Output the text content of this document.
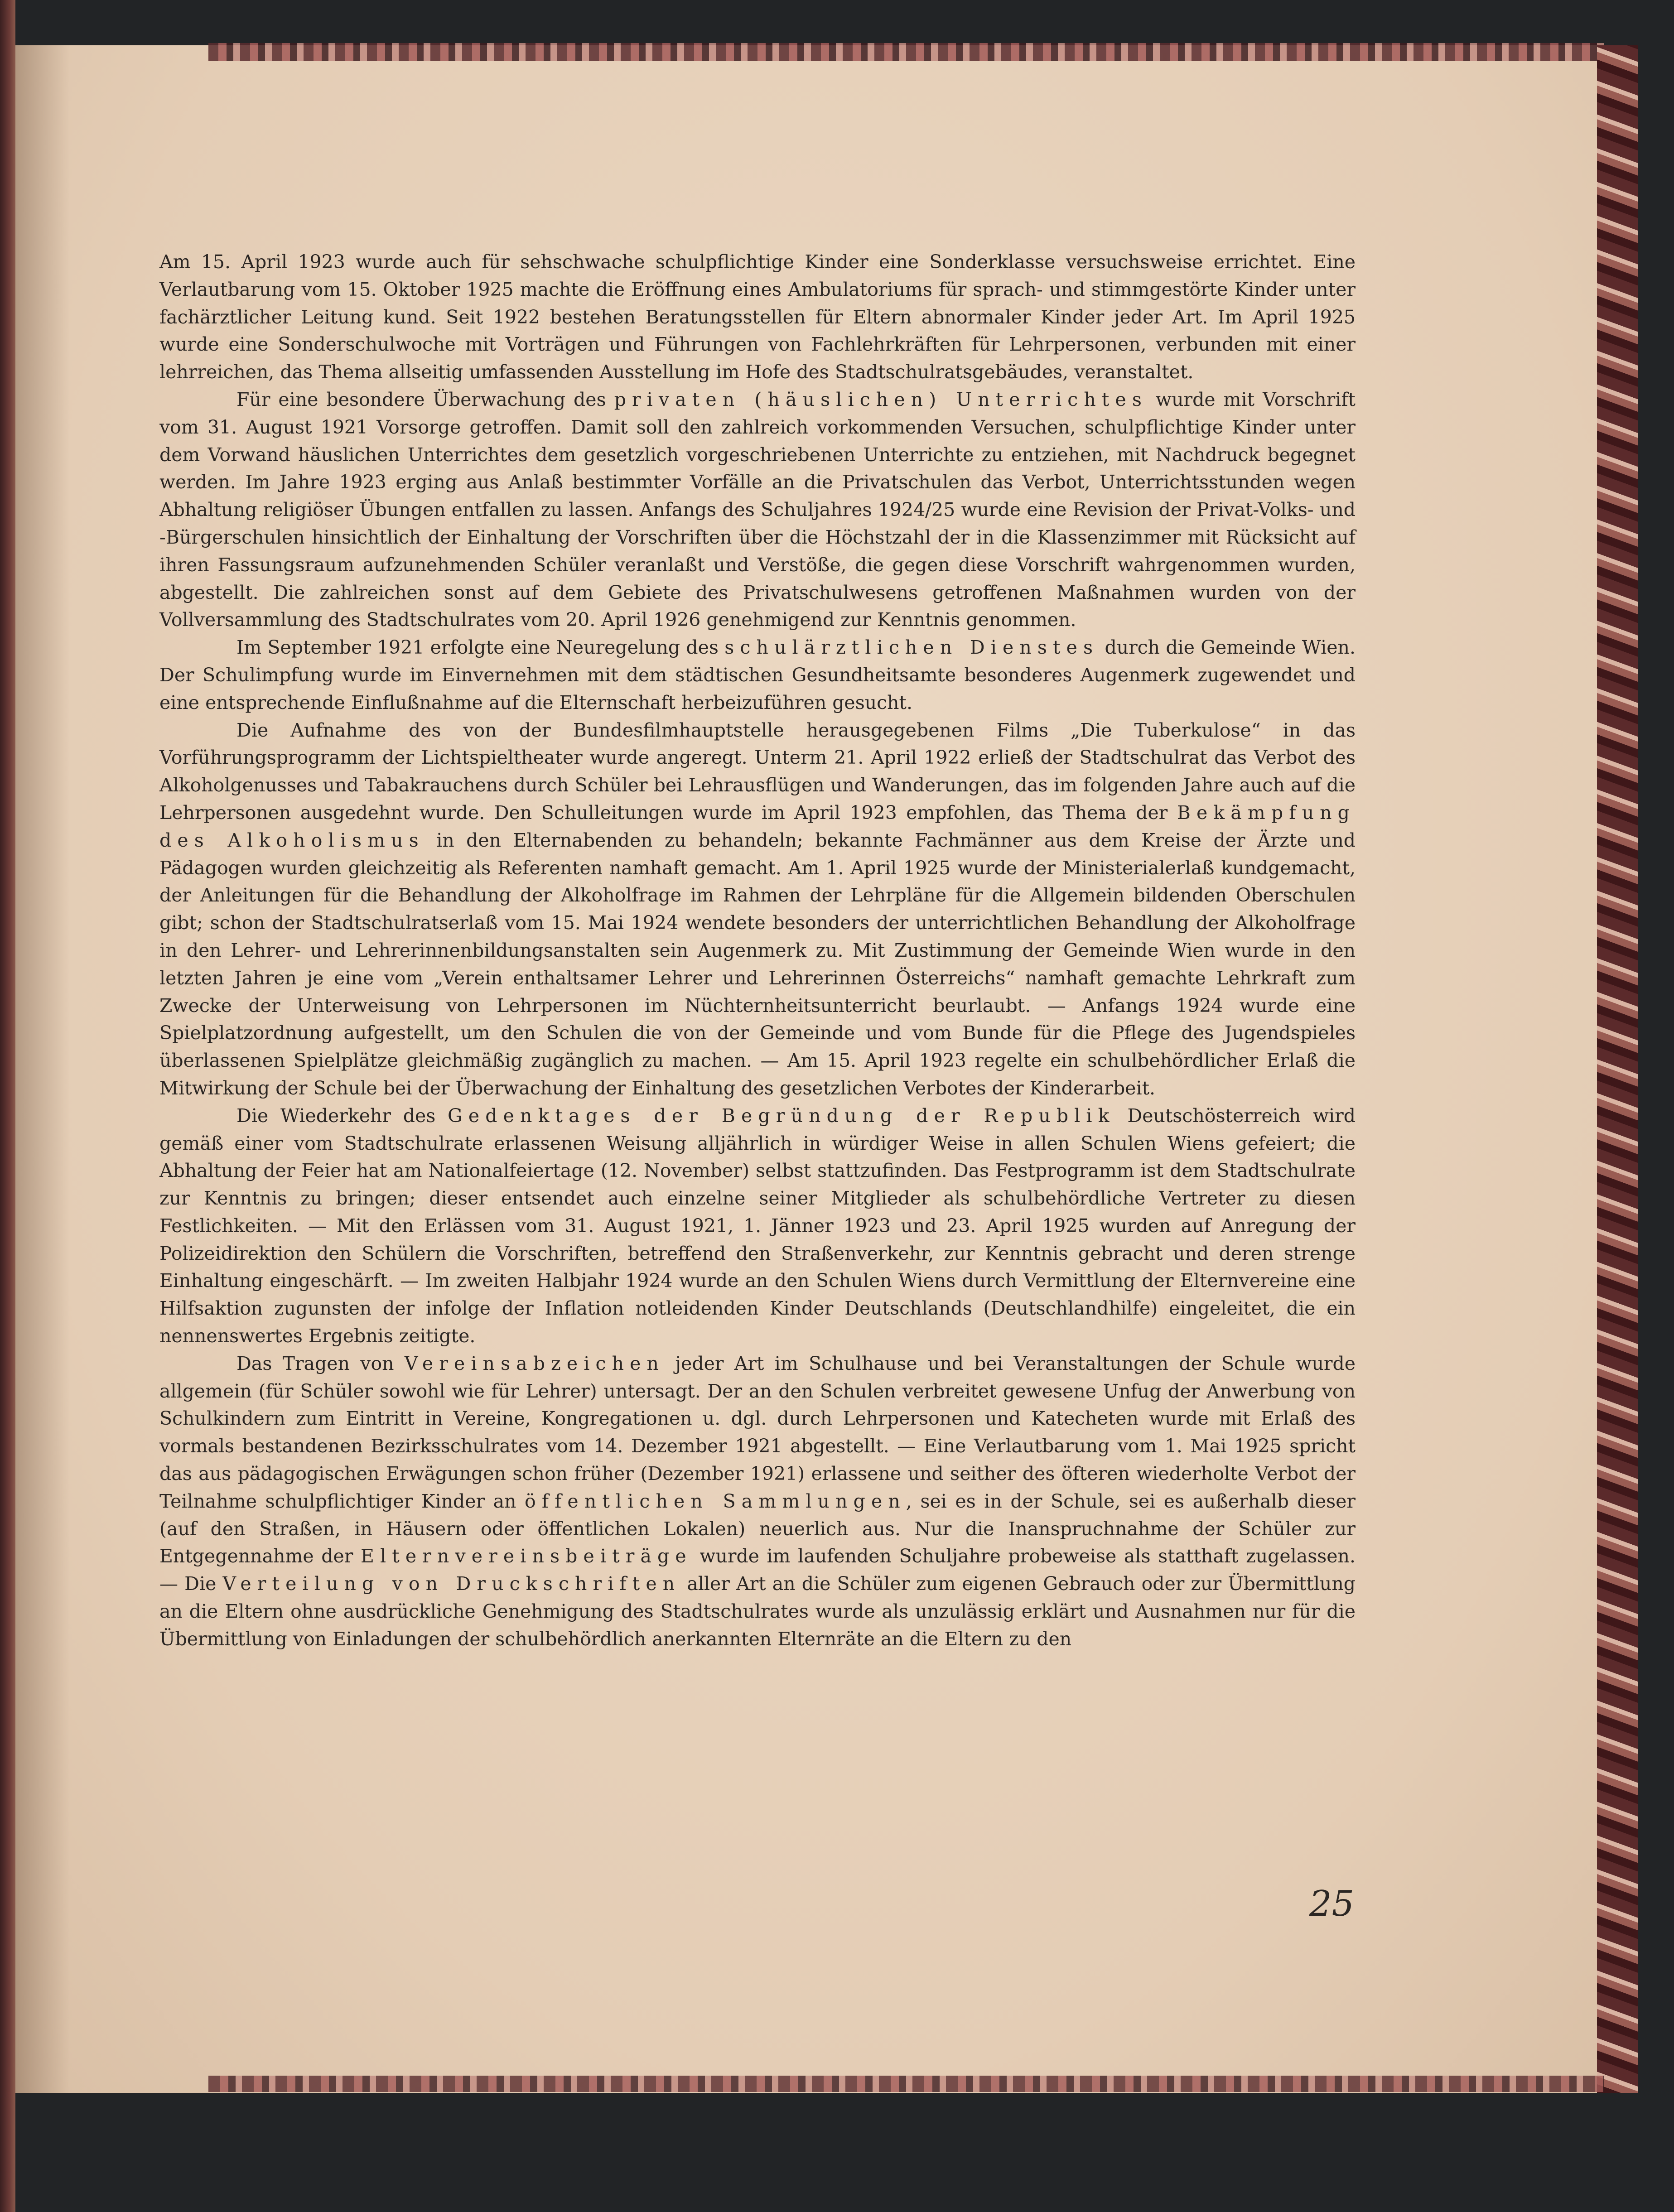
Am 15. April 1923 wurde auch für sehschwache schulpflichtige Kinder eine Sonderklasse versuchsweise errichtet. Eine Verlautbarung vom 15. Oktober 1925 machte die Eröffnung eines Ambulatoriums für sprach- und stimmgestörte Kinder unter fachärztlicher Leitung kund. Seit 1922 bestehen Beratungsstellen für Eltern abnormaler Kinder jeder Art. Im April 1925 wurde eine Sonderschulwoche mit Vorträgen und Führungen von Fachlehrkräften für Lehrpersonen, verbunden mit einer lehrreichen, das Thema allseitig umfassenden Ausstellung im Hofe des Stadtschulratsgebäudes, veranstaltet.

Für eine besondere Überwachung des privaten (häuslichen) Unterrichtes wurde mit Vorschrift vom 31. August 1921 Vorsorge getroffen. Damit soll den zahlreich vorkommenden Versuchen, schulpflichtige Kinder unter dem Vorwand häuslichen Unterrichtes dem gesetzlich vorgeschriebenen Unterrichte zu entziehen, mit Nachdruck begegnet werden. Im Jahre 1923 erging aus Anlaß bestimmter Vorfälle an die Privatschulen das Verbot, Unterrichtsstunden wegen Abhaltung religiöser Übungen entfallen zu lassen. Anfangs des Schuljahres 1924/25 wurde eine Revision der Privat-Volks- und -Bürgerschulen hinsichtlich der Einhaltung der Vorschriften über die Höchstzahl der in die Klassenzimmer mit Rücksicht auf ihren Fassungsraum aufzunehmenden Schüler veranlaßt und Verstöße, die gegen diese Vorschrift wahrgenommen wurden, abgestellt. Die zahlreichen sonst auf dem Gebiete des Privatschulwesens getroffenen Maßnahmen wurden von der Vollversammlung des Stadtschulrates vom 20. April 1926 genehmigend zur Kenntnis genommen.

Im September 1921 erfolgte eine Neuregelung des schulärztlichen Dienstes durch die Gemeinde Wien. Der Schulimpfung wurde im Einvernehmen mit dem städtischen Gesundheitsamte besonderes Augenmerk zugewendet und eine entsprechende Einflußnahme auf die Elternschaft herbeizuführen gesucht.

Die Aufnahme des von der Bundesfilmhauptstelle herausgegebenen Films „Die Tuberkulose“ in das Vorführungsprogramm der Lichtspieltheater wurde angeregt. Unterm 21. April 1922 erließ der Stadtschulrat das Verbot des Alkoholgenusses und Tabakrauchens durch Schüler bei Lehrausflügen und Wanderungen, das im folgenden Jahre auch auf die Lehrpersonen ausgedehnt wurde. Den Schulleitungen wurde im April 1923 empfohlen, das Thema der Bekämpfung des Alkoholismus in den Elternabenden zu behandeln; bekannte Fachmänner aus dem Kreise der Ärzte und Pädagogen wurden gleichzeitig als Referenten namhaft gemacht. Am 1. April 1925 wurde der Ministerialerlaß kundgemacht, der Anleitungen für die Behandlung der Alkoholfrage im Rahmen der Lehrpläne für die Allgemein bildenden Oberschulen gibt; schon der Stadtschulratserlaß vom 15. Mai 1924 wendete besonders der unterrichtlichen Behandlung der Alkoholfrage in den Lehrer- und Lehrerinnenbildungsanstalten sein Augenmerk zu. Mit Zustimmung der Gemeinde Wien wurde in den letzten Jahren je eine vom „Verein enthaltsamer Lehrer und Lehrerinnen Österreichs“ namhaft gemachte Lehrkraft zum Zwecke der Unterweisung von Lehrpersonen im Nüchternheitsunterricht beurlaubt. — Anfangs 1924 wurde eine Spielplatzordnung aufgestellt, um den Schulen die von der Gemeinde und vom Bunde für die Pflege des Jugendspieles überlassenen Spielplätze gleichmäßig zugänglich zu machen. — Am 15. April 1923 regelte ein schulbehördlicher Erlaß die Mitwirkung der Schule bei der Überwachung der Einhaltung des gesetzlichen Verbotes der Kinderarbeit.

Die Wiederkehr des Gedenktages der Begründung der Republik Deutschösterreich wird gemäß einer vom Stadtschulrate erlassenen Weisung alljährlich in würdiger Weise in allen Schulen Wiens gefeiert; die Abhaltung der Feier hat am Nationalfeiertage (12. November) selbst stattzufinden. Das Festprogramm ist dem Stadtschulrate zur Kenntnis zu bringen; dieser entsendet auch einzelne seiner Mitglieder als schulbehördliche Vertreter zu diesen Festlichkeiten. — Mit den Erlässen vom 31. August 1921, 1. Jänner 1923 und 23. April 1925 wurden auf Anregung der Polizeidirektion den Schülern die Vorschriften, betreffend den Straßenverkehr, zur Kenntnis gebracht und deren strenge Einhaltung eingeschärft. — Im zweiten Halbjahr 1924 wurde an den Schulen Wiens durch Vermittlung der Elternvereine eine Hilfsaktion zugunsten der infolge der Inflation notleidenden Kinder Deutschlands (Deutschlandhilfe) eingeleitet, die ein nennenswertes Ergebnis zeitigte.

Das Tragen von Vereinsabzeichen jeder Art im Schulhause und bei Veranstaltungen der Schule wurde allgemein (für Schüler sowohl wie für Lehrer) untersagt. Der an den Schulen verbreitet gewesene Unfug der Anwerbung von Schulkindern zum Eintritt in Vereine, Kongregationen u. dgl. durch Lehrpersonen und Katecheten wurde mit Erlaß des vormals bestandenen Bezirksschulrates vom 14. Dezember 1921 abgestellt. — Eine Verlautbarung vom 1. Mai 1925 spricht das aus pädagogischen Erwägungen schon früher (Dezember 1921) erlassene und seither des öfteren wiederholte Verbot der Teilnahme schulpflichtiger Kinder an öffentlichen Sammlungen, sei es in der Schule, sei es außerhalb dieser (auf den Straßen, in Häusern oder öffentlichen Lokalen) neuerlich aus. Nur die Inanspruchnahme der Schüler zur Entgegennahme der Elternvereinsbeiträge wurde im laufenden Schuljahre probeweise als statthaft zugelassen. — Die Verteilung von Druckschriften aller Art an die Schüler zum eigenen Gebrauch oder zur Übermittlung an die Eltern ohne ausdrückliche Genehmigung des Stadtschulrates wurde als unzulässig erklärt und Ausnahmen nur für die Übermittlung von Einladungen der schulbehördlich anerkannten Elternräte an die Eltern zu den

25
